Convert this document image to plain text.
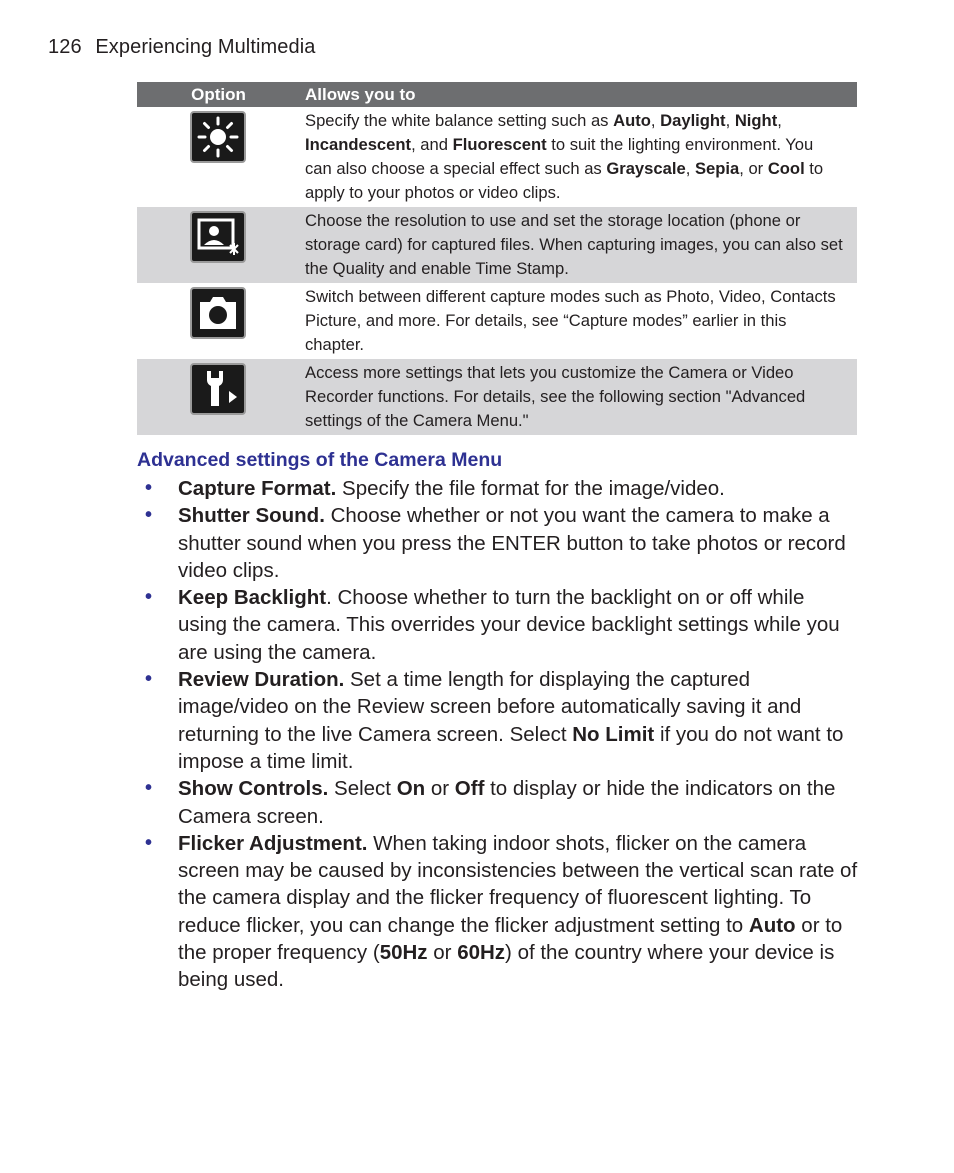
126 Experiencing Multimedia
Option	Allows you to

	Specify the white balance setting such as Auto, Daylight, Night, Incandescent, and Fluorescent to suit the lighting environment. You can also choose a special effect such as Grayscale, Sepia, or Cool to apply to your photos or video clips.

	Choose the resolution to use and set the storage location (phone or storage card) for captured files. When capturing images, you can also set the Quality and enable Time Stamp.

	Switch between different capture modes such as Photo, Video, Contacts Picture, and more. For details, see “Capture modes” earlier in this chapter.

	Access more settings that lets you customize the Camera or Video Recorder functions. For details, see the following section "Advanced settings of the Camera Menu."
Advanced settings of the Camera Menu
• Capture Format. Specify the file format for the image/video.
• Shutter Sound. Choose whether or not you want the camera to make a shutter sound when you press the ENTER button to take photos or record video clips.
• Keep Backlight. Choose whether to turn the backlight on or off while using the camera. This overrides your device backlight settings while you are using the camera.
• Review Duration. Set a time length for displaying the captured image/video on the Review screen before automatically saving it and returning to the live Camera screen. Select No Limit if you do not want to impose a time limit.
• Show Controls. Select On or Off to display or hide the indicators on the Camera screen.
• Flicker Adjustment. When taking indoor shots, flicker on the camera screen may be caused by inconsistencies between the vertical scan rate of the camera display and the flicker frequency of fluorescent lighting. To reduce flicker, you can change the flicker adjustment setting to Auto or to the proper frequency (50Hz or 60Hz) of the country where your device is being used.
